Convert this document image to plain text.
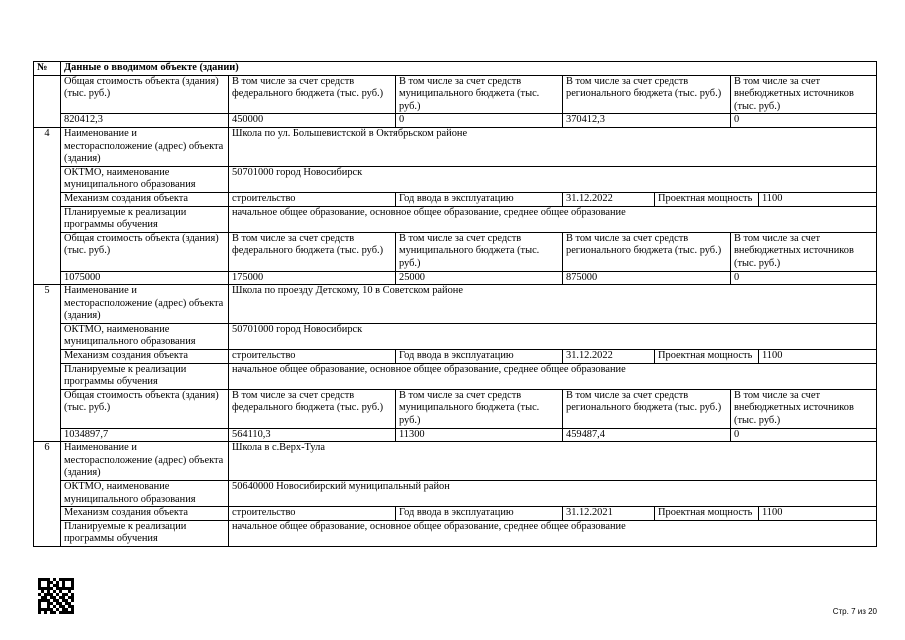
№	Данные о вводимом объекте (здании)						
	Общая стоимость объекта (здания) (тыс. руб.)	В том числе за счет средств федерального бюджета (тыс. руб.)	В том числе за счет средств муниципального бюджета (тыс. руб.)	В том числе за счет средств регионального бюджета (тыс. руб.)		В том числе за счет внебюджетных источников (тыс. руб.)	
	820412,3	450000	0	370412,3		0	
4	Наименование и месторасположение (адрес) объекта (здания)	Школа по ул. Большевистской в Октябрьском районе					
	ОКТМО, наименование муниципального образования	50701000 город Новосибирск					
	Механизм создания объекта	строительство	Год ввода в эксплуатацию	31.12.2022	Проектная мощность		1100
	Планируемые к реализации программы обучения	начальное общее образование, основное общее образование, среднее общее образование					
	Общая стоимость объекта (здания) (тыс. руб.)	В том числе за счет средств федерального бюджета (тыс. руб.)	В том числе за счет средств муниципального бюджета (тыс. руб.)	В том числе за счет средств регионального бюджета (тыс. руб.)		В том числе за счет внебюджетных источников (тыс. руб.)	
	1075000	175000	25000	875000		0	
5	Наименование и месторасположение (адрес) объекта (здания)	Школа по проезду Детскому, 10 в Советском районе					
	ОКТМО, наименование муниципального образования	50701000 город Новосибирск					
	Механизм создания объекта	строительство	Год ввода в эксплуатацию	31.12.2022	Проектная мощность		1100
	Планируемые к реализации программы обучения	начальное общее образование, основное общее образование, среднее общее образование					
	Общая стоимость объекта (здания) (тыс. руб.)	В том числе за счет средств федерального бюджета (тыс. руб.)	В том числе за счет средств муниципального бюджета (тыс. руб.)	В том числе за счет средств регионального бюджета (тыс. руб.)		В том числе за счет внебюджетных источников (тыс. руб.)	
	1034897,7	564110,3	11300	459487,4		0	
6	Наименование и месторасположение (адрес) объекта (здания)	Школа в с.Верх-Тула					
	ОКТМО, наименование муниципального образования	50640000 Новосибирский муниципальный район					
	Механизм создания объекта	строительство	Год ввода в эксплуатацию	31.12.2021	Проектная мощность		1100
	Планируемые к реализации программы обучения	начальное общее образование, основное общее образование, среднее общее образование					
Стр. 7 из 20
